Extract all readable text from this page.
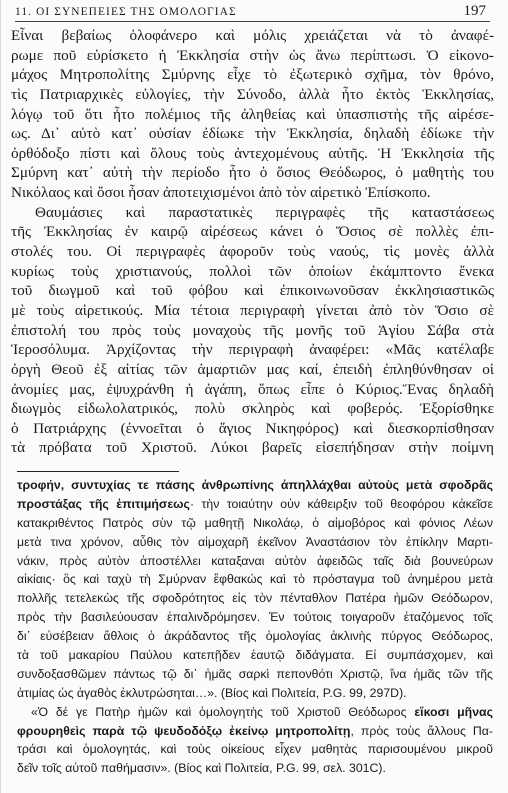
11. ΟΙ ΣΥΝΕΠΕΙΕΣ ΤΗΣ ΟΜΟΛΟΓΙΑΣ	197
Εἶναι βεβαίως ὁλοφάνερο καὶ μόλις χρειάζεται νὰ τὸ ἀναφέ-
ρωμε ποῦ εὑρίσκετο ἡ Ἐκκλησία στὴν ὡς ἄνω περίπτωσι. Ὁ εἰκονο-
μάχος Μητροπολίτης Σμύρνης εἶχε τὸ ἐξωτερικὸ σχῆμα, τὸν θρόνο,
τὶς Πατριαρχικὲς εὐλογίες, τὴν Σύνοδο, ἀλλὰ ἦτο ἐκτὸς Ἐκκλησίας,
λόγῳ τοῦ ὅτι ἦτο πολέμιος τῆς ἀληθείας καὶ ὑπασπιστὴς τῆς αἱρέσε-
ως. Δι᾿ αὐτὸ κατ᾿ οὐσίαν ἐδίωκε τὴν Ἐκκλησία, δηλαδὴ ἐδίωκε τὴν
ὀρθόδοξο πίστι καὶ ὅλους τοὺς ἀντεχομένους αὐτῆς. Ἡ Ἐκκλησία τῆς
Σμύρνη κατ᾿ αὐτὴ τὴν περίοδο ἦτο ὁ ὅσιος Θεόδωρος, ὁ μαθητὴς του
Νικόλαος καὶ ὅσοι ἦσαν ἀποτειχισμένοι ἀπὸ τὸν αἱρετικὸ Ἐπίσκοπο.
Θαυμάσιες καὶ παραστατικὲς περιγραφὲς τῆς καταστάσεως
τῆς Ἐκκλησίας ἐν καιρῷ αἱρέσεως κάνει ὁ Ὅσιος σὲ πολλὲς ἐπι-
στολές του. Οἱ περιγραφὲς ἀφοροῦν τοὺς ναούς, τὶς μονὲς ἀλλὰ
κυρίως τοὺς χριστιανούς, πολλοὶ τῶν ὁποίων ἐκάμπτοντο ἕνεκα
τοῦ διωγμοῦ καὶ τοῦ φόβου καὶ ἐπικοινωνοῦσαν ἐκκλησιαστικῶς
μὲ τοὺς αἱρετικούς. Μία τέτοια περιγραφὴ γίνεται ἀπὸ τὸν Ὅσιο σὲ
ἐπιστολή του πρὸς τοὺς μοναχοὺς τῆς μονῆς τοῦ Ἁγίου Σάβα στὰ
Ἱεροσόλυμα. Ἀρχίζοντας τὴν περιγραφὴ ἀναφέρει: «Μᾶς κατέλαβε
ὀργὴ Θεοῦ ἐξ αἰτίας τῶν ἁμαρτιῶν μας καί, ἐπειδὴ ἐπληθύνθησαν οἱ
ἀνομίες μας, ἐψυχράνθη ἡ ἀγάπη, ὅπως εἶπε ὁ Κύριος.Ἕνας δηλαδὴ
διωγμὸς εἰδωλολατρικός, πολὺ σκληρὸς καὶ φοβερός. Ἐξορίσθηκε
ὁ Πατριάρχης (ἐννοεῖται ὁ ἅγιος Νικηφόρος) καὶ διεσκορπίσθησαν
τὰ πρόβατα τοῦ Χριστοῦ. Λύκοι βαρεῖς εἰσεπήδησαν στὴν ποίμνη
τροφήν, συντυχίας τε πάσης ἀνθρωπίνης ἀπηλλάχθαι αὐτοὺς μετὰ σφοδρᾶς
προστάξας τῆς ἐπιτιμήσεως· τὴν τοιαύτην οὐν κάθειρξιν τοῦ θεοφόρου κἀκεῖσε
κατακριθέντος Πατρὸς σὺν τῷ μαθητῇ Νικολάῳ, ὁ αἱμοβόρος καὶ φόνιος Λέων
μετὰ τινα χρόνον, αὖθις τὸν αἱμοχαρῆ ἐκεῖνον Ἀναστάσιον τὸν ἐπίκλην Μαρτι-
νάκιν, πρὸς αὐτὸν ἀποστέλλει καταξαναι αὐτὸν ἀφειδῶς ταῖς διὰ βουνεύρων
αἰκίαις· ὃς καὶ ταχὺ τὴ Σμύρναν ἔφθακώς καὶ τὸ πρόσταγμα τοῦ ἀνημέρου μετὰ
πολλῆς τετελεκὼς τῆς σφοδρότητος εἰς τὸν πένταθλον Πατέρα ἡμῶν Θεόδωρον,
πρὸς τὴν βασιλεύουσαν ἐπαλινδρόμησεν. Ἐν τούτοις τοιγαροῦν ἐταζόμενος τοῖς
δι᾿ εὐσέβειαν ἄθλοις ὁ ἀκράδαντος τῆς ὁμολογίας ἀκλινὴς πύργος Θεόδωρος,
τὰ τοῦ μακαρίου Παύλου κατεπῇδεν ἑαυτῷ διδάγματα. Εἰ συμπάσχομεν, καὶ
συνδοξασθῶμεν πάντως τῷ δι᾿ ἡμᾶς σαρκὶ πεπονθότι Χριστῷ, ἵνα ἡμᾶς τῶν τῆς
ἀτιμίας ὡς ἀγαθὸς ἐκλυτρώσηται…». (Βίος καὶ Πολιτεία, P.G. 99, 297D).
«Ὁ δέ γε Πατὴρ ἡμῶν καὶ ὁμολογητὴς τοῦ Χριστοῦ Θεόδωρος εἴκοσι μῆνας
φρουρηθεὶς παρὰ τῷ ψευδοδόξῳ ἐκείνῳ μητροπολίτῃ, πρὸς τοὺς ἄλλους Πα-
τράσι καὶ ὁμολογητάς, καὶ τοὺς οἰκείους εἶχεν μαθητὰς παρισουμένου μικροῦ
δεῖν τοῖς αὐτοῦ παθήμασιν». (Βίος καὶ Πολιτεία, P.G. 99, σελ. 301C).
